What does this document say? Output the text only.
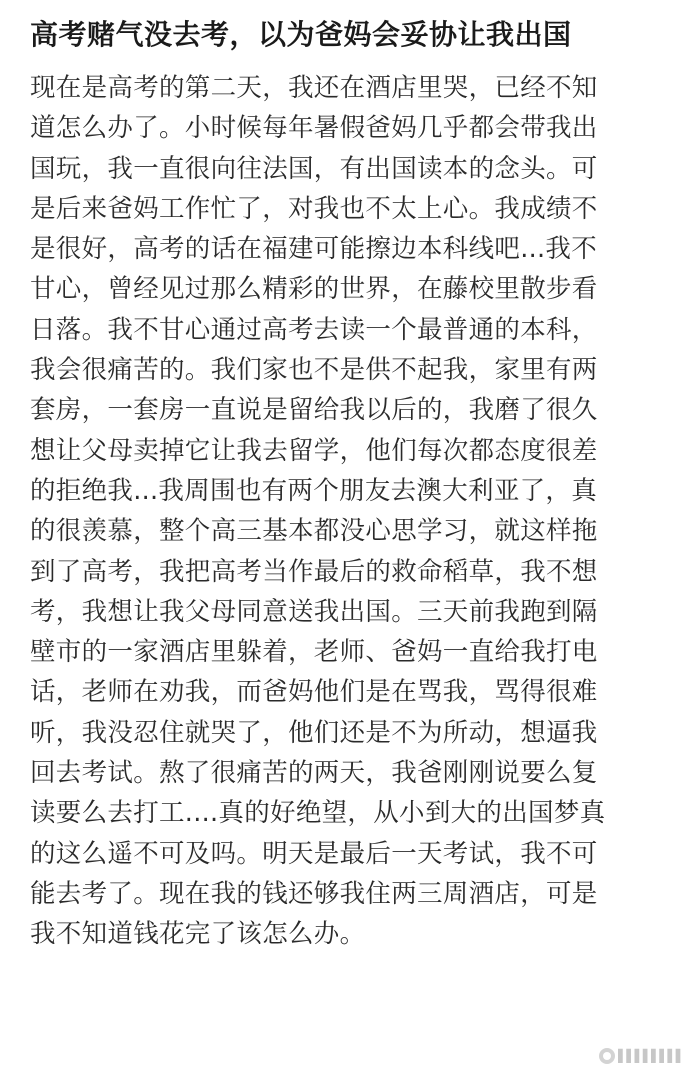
高考赌气没去考，以为爸妈会妥协让我出国
现在是高考的第二天，我还在酒店里哭，已经不知
道怎么办了。小时候每年暑假爸妈几乎都会带我出
国玩，我一直很向往法国，有出国读本的念头。可
是后来爸妈工作忙了，对我也不太上心。我成绩不
是很好，高考的话在福建可能擦边本科线吧...我不
甘心，曾经见过那么精彩的世界，在藤校里散步看
日落。我不甘心通过高考去读一个最普通的本科，
我会很痛苦的。我们家也不是供不起我，家里有两
套房，一套房一直说是留给我以后的，我磨了很久
想让父母卖掉它让我去留学，他们每次都态度很差
的拒绝我...我周围也有两个朋友去澳大利亚了，真
的很羡慕，整个高三基本都没心思学习，就这样拖
到了高考，我把高考当作最后的救命稻草，我不想
考，我想让我父母同意送我出国。三天前我跑到隔
壁市的一家酒店里躲着，老师、爸妈一直给我打电
话，老师在劝我，而爸妈他们是在骂我，骂得很难
听，我没忍住就哭了，他们还是不为所动，想逼我
回去考试。熬了很痛苦的两天，我爸刚刚说要么复
读要么去打工....真的好绝望，从小到大的出国梦真
的这么遥不可及吗。明天是最后一天考试，我不可
能去考了。现在我的钱还够我住两三周酒店，可是
我不知道钱花完了该怎么办。
▌▌▌▌▌▌▌▌
